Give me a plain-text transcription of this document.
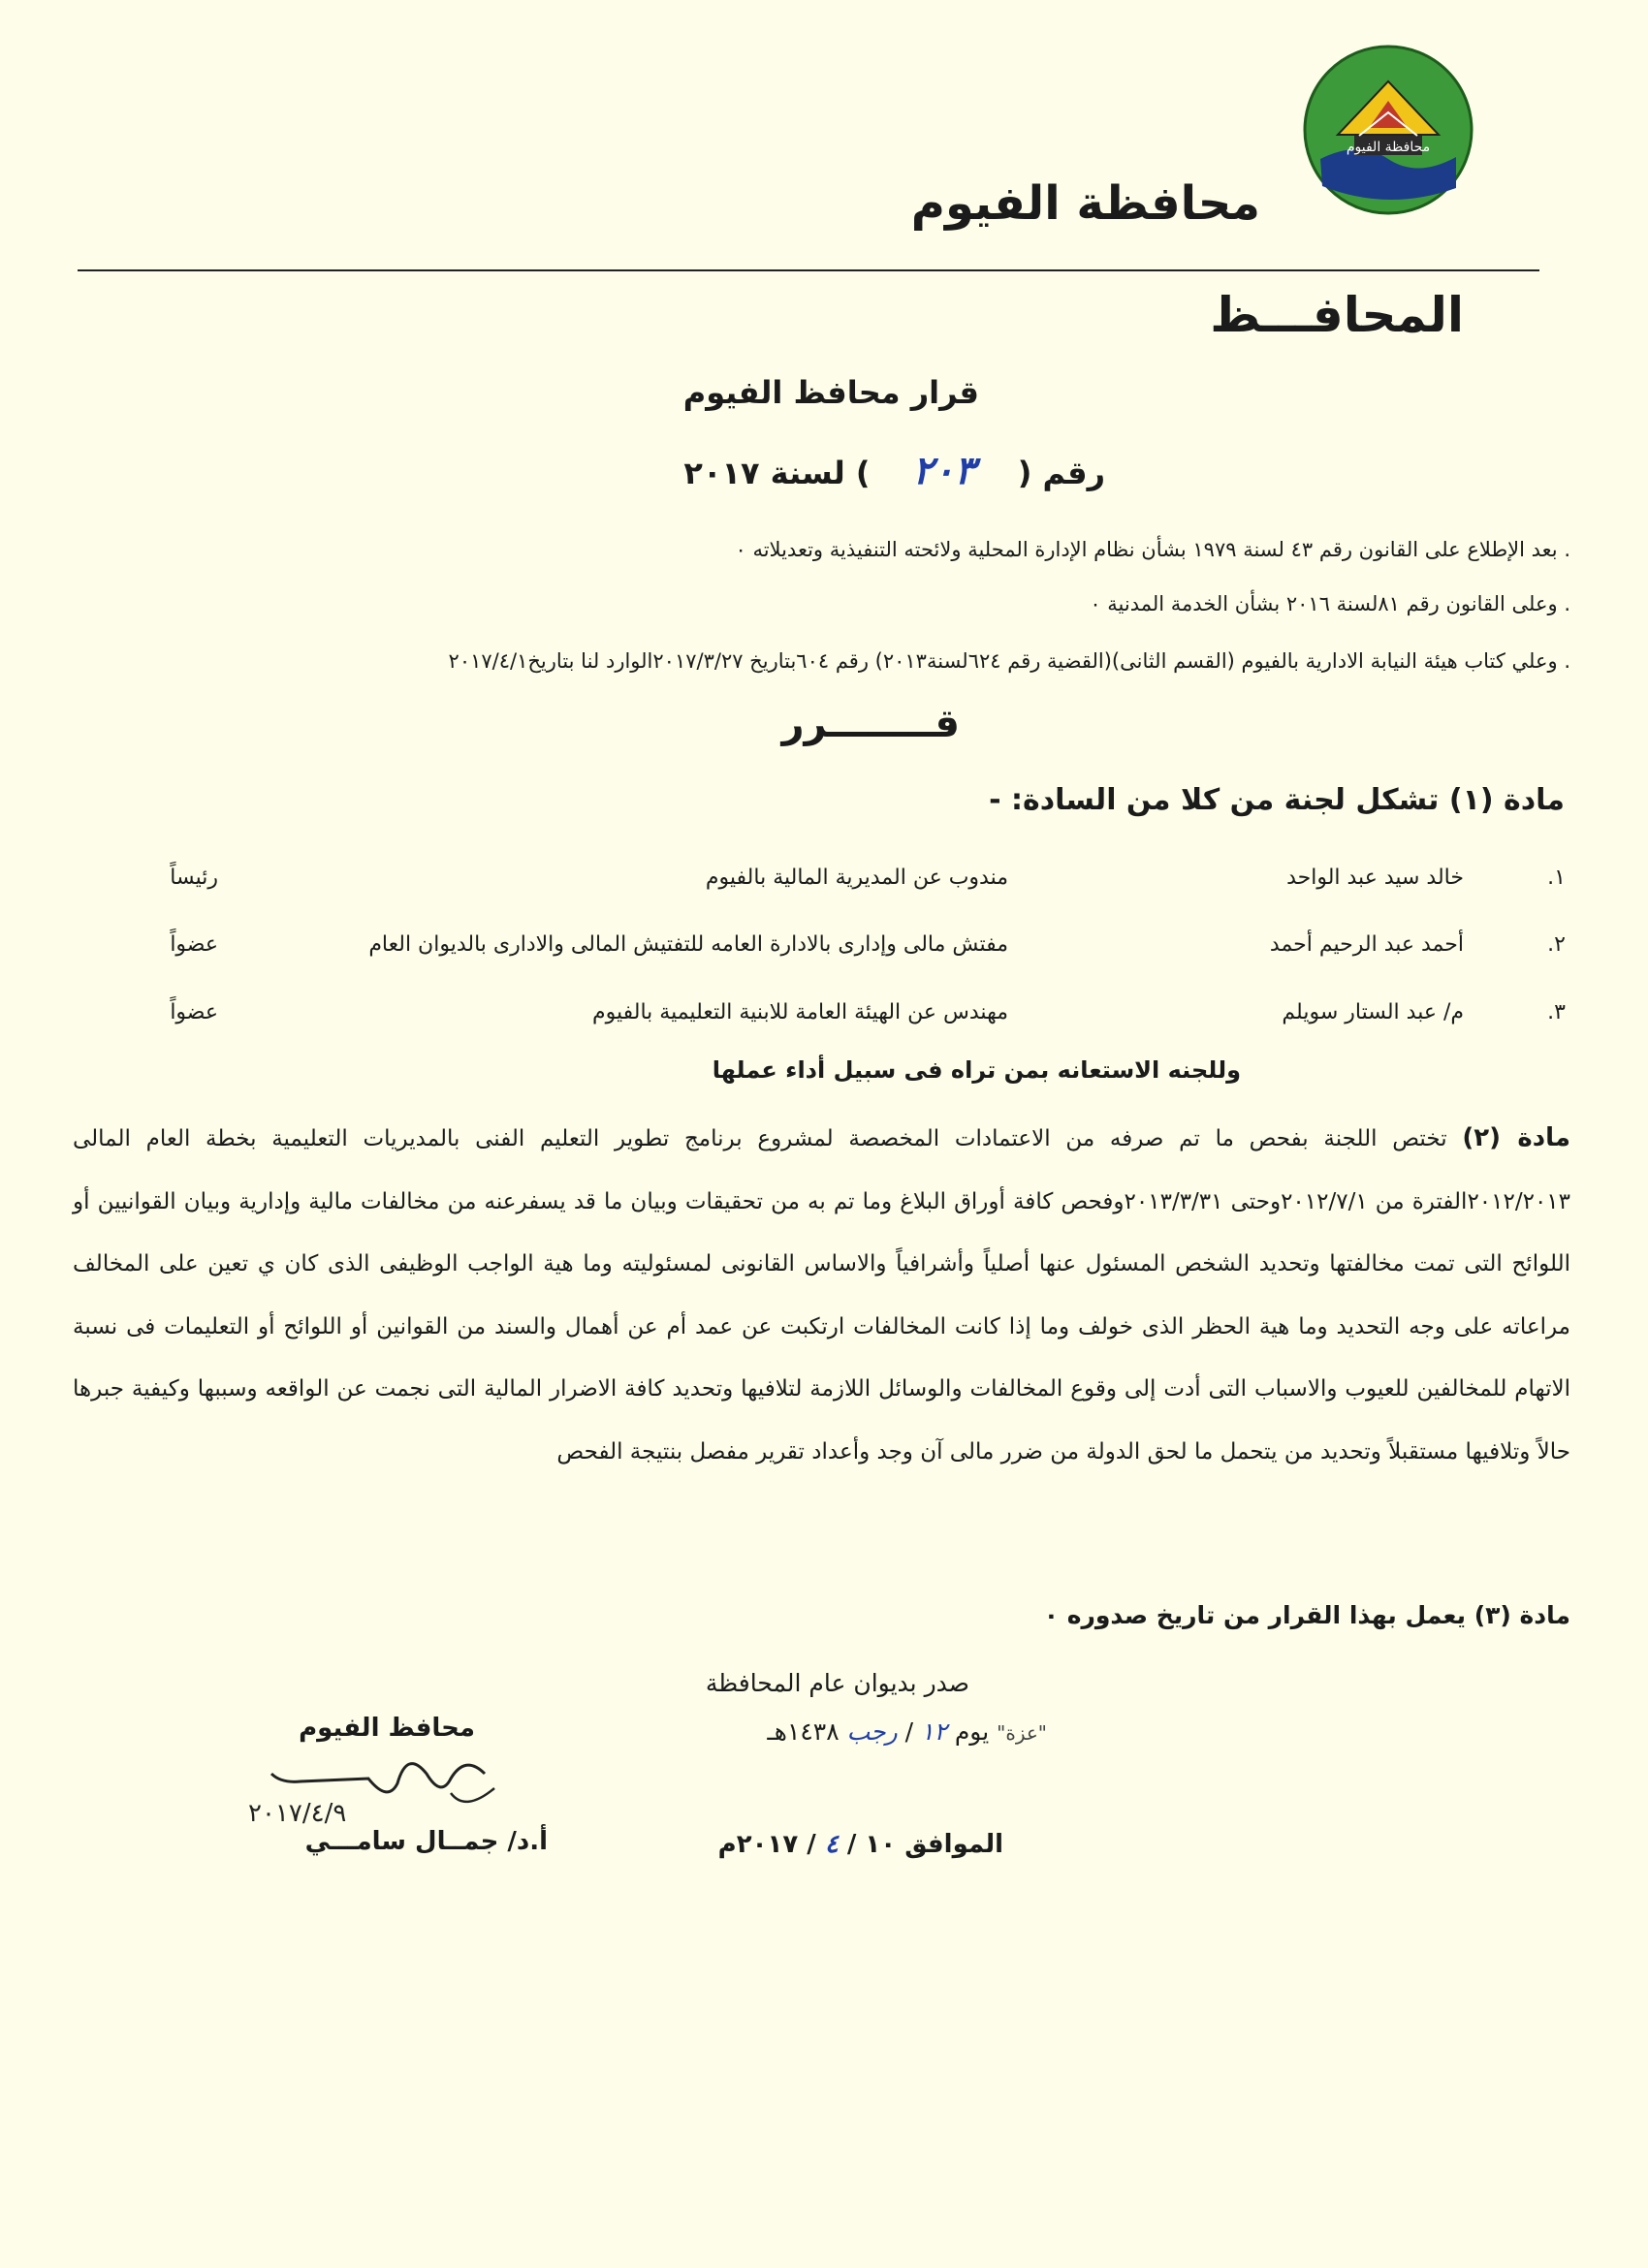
محافظة الفيوم
محافظة الفيوم
المحافـــظ
قرار محافظ الفيوم
رقم ( ٢٠٣ ) لسنة ٢٠١٧
. بعد الإطلاع على القانون رقم ٤٣ لسنة ١٩٧٩ بشأن نظام الإدارة المحلية ولائحته التنفيذية وتعديلاته ٠
. وعلى القانون رقم ٨١لسنة ٢٠١٦ بشأن الخدمة المدنية ٠
. وعلي كتاب هيئة النيابة الادارية بالفيوم (القسم الثانى)(القضية رقم ٦٢٤لسنة٢٠١٣) رقم ٦٠٤بتاريخ ٢٠١٧/٣/٢٧الوارد لنا بتاريخ٢٠١٧/٤/١
قــــــــرر
مادة (١) تشكل لجنة من كلا من السادة: -
١.
خالد سيد عبد الواحد
مندوب عن المديرية المالية بالفيوم
رئيساً
٢.
أحمد عبد الرحيم أحمد
مفتش مالى وإدارى بالادارة العامه للتفتيش المالى والادارى بالديوان العام
عضواً
٣.
م/ عبد الستار سويلم
مهندس عن الهيئة العامة للابنية التعليمية بالفيوم
عضواً
وللجنه الاستعانه بمن تراه فى سبيل أداء عملها
مادة (٢) تختص اللجنة بفحص ما تم صرفه من الاعتمادات المخصصة لمشروع برنامج تطوير التعليم الفنى بالمديريات التعليمية بخطة العام المالى ٢٠١٢/٢٠١٣الفترة من ٢٠١٢/٧/١وحتى ٢٠١٣/٣/٣١وفحص كافة أوراق البلاغ وما تم به من تحقيقات وبيان ما قد يسفرعنه من مخالفات مالية وإدارية وبيان القوانيين أو اللوائح التى تمت مخالفتها وتحديد الشخص المسئول عنها أصلياً وأشرافياً والاساس القانونى لمسئوليته وما هية الواجب الوظيفى الذى كان ي تعين على المخالف مراعاته على وجه التحديد وما هية الحظر الذى خولف وما إذا كانت المخالفات ارتكبت عن عمد أم عن أهمال والسند من القوانين أو اللوائح أو التعليمات فى نسبة الاتهام للمخالفين للعيوب والاسباب التى أدت إلى وقوع المخالفات والوسائل اللازمة لتلافيها وتحديد كافة الاضرار المالية التى نجمت عن الواقعه وسببها وكيفية جبرها حالاً وتلافيها مستقبلاً وتحديد من يتحمل ما لحق الدولة من ضرر مالى آن وجد وأعداد تقرير مفصل بنتيجة الفحص
مادة (٣) يعمل بهذا القرار من تاريخ صدوره ٠
صدر بديوان عام المحافظة
"عزة" يوم ١٢ / رجب ١٤٣٨هـ
الموافق ١٠ / ٤ / ٢٠١٧م
محافظ الفيوم
٢٠١٧/٤/٩
أ.د/ جمــال سامـــي
